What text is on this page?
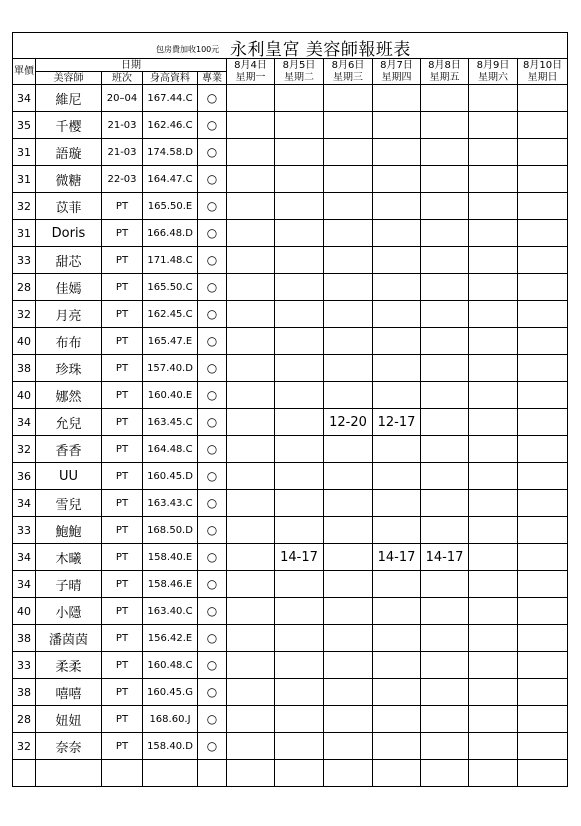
包房費加收100元 永利皇宮 美容師報班表											

單價	日期				8月4日	8月5日	8月6日	8月7日	8月8日	8月9日	8月10日
	美容師	班次	身高資料	專業	星期一	星期二	星期三	星期四	星期五	星期六	星期日
34	維尼	20–04	167.44.C	○							
35	千樱	21-03	162.46.C	○							
31	語璇	21-03	174.58.D	○							
31	微糖	22-03	164.47.C	○							
32	苡菲	PT	165.50.E	○							
31	Doris	PT	166.48.D	○							
33	甜芯	PT	171.48.C	○							
28	佳嫣	PT	165.50.C	○							
32	月亮	PT	162.45.C	○							
40	布布	PT	165.47.E	○							
38	珍珠	PT	157.40.D	○							
40	娜然	PT	160.40.E	○							
34	允兒	PT	163.45.C	○			12-20	12-17			
32	香香	PT	164.48.C	○							
36	UU	PT	160.45.D	○							
34	雪兒	PT	163.43.C	○							
33	鮑鮑	PT	168.50.D	○							
34	木曦	PT	158.40.E	○		14-17		14-17	14-17		
34	子晴	PT	158.46.E	○							
40	小隱	PT	163.40.C	○							
38	潘茵茵	PT	156.42.E	○							
33	柔柔	PT	160.48.C	○							
38	嘻嘻	PT	160.45.G	○							
28	妞妞	PT	168.60.J	○							
32	奈奈	PT	158.40.D	○							
